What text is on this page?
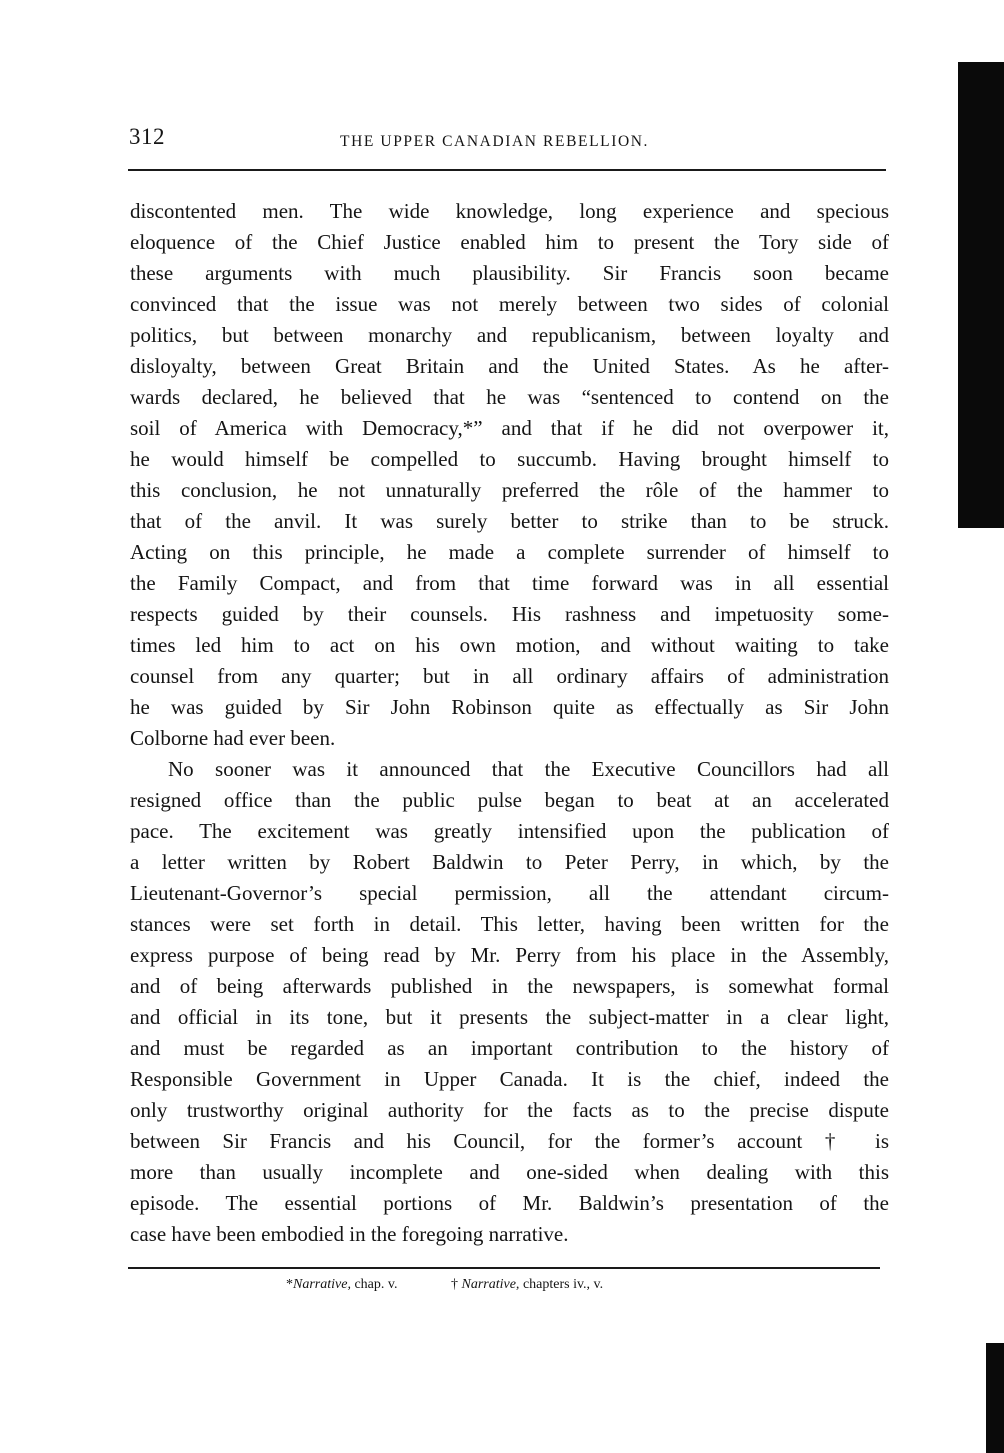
312	THE UPPER CANADIAN REBELLION.
discontented men. The wide knowledge, long experience and specious
eloquence of the Chief Justice enabled him to present the Tory side of
these arguments with much plausibility. Sir Francis soon became
convinced that the issue was not merely between two sides of colonial
politics, but between monarchy and republicanism, between loyalty and
disloyalty, between Great Britain and the United States. As he after-
wards declared, he believed that he was “sentenced to contend on the
soil of America with Democracy,*” and that if he did not overpower it,
he would himself be compelled to succumb. Having brought himself to
this conclusion, he not unnaturally preferred the rôle of the hammer to
that of the anvil. It was surely better to strike than to be struck.
Acting on this principle, he made a complete surrender of himself to
the Family Compact, and from that time forward was in all essential
respects guided by their counsels. His rashness and impetuosity some-
times led him to act on his own motion, and without waiting to take
counsel from any quarter; but in all ordinary affairs of administration
he was guided by Sir John Robinson quite as effectually as Sir John
Colborne had ever been.
No sooner was it announced that the Executive Councillors had all
resigned office than the public pulse began to beat at an accelerated
pace. The excitement was greatly intensified upon the publication of
a letter written by Robert Baldwin to Peter Perry, in which, by the
Lieutenant-Governor’s special permission, all the attendant circum-
stances were set forth in detail. This letter, having been written for the
express purpose of being read by Mr. Perry from his place in the Assembly,
and of being afterwards published in the newspapers, is somewhat formal
and official in its tone, but it presents the subject-matter in a clear light,
and must be regarded as an important contribution to the history of
Responsible Government in Upper Canada. It is the chief, indeed the
only trustworthy original authority for the facts as to the precise dispute
between Sir Francis and his Council, for the former’s account † is
more than usually incomplete and one-sided when dealing with this
episode. The essential portions of Mr. Baldwin’s presentation of the
case have been embodied in the foregoing narrative.
*Narrative, chap. v.	† Narrative, chapters iv., v.
